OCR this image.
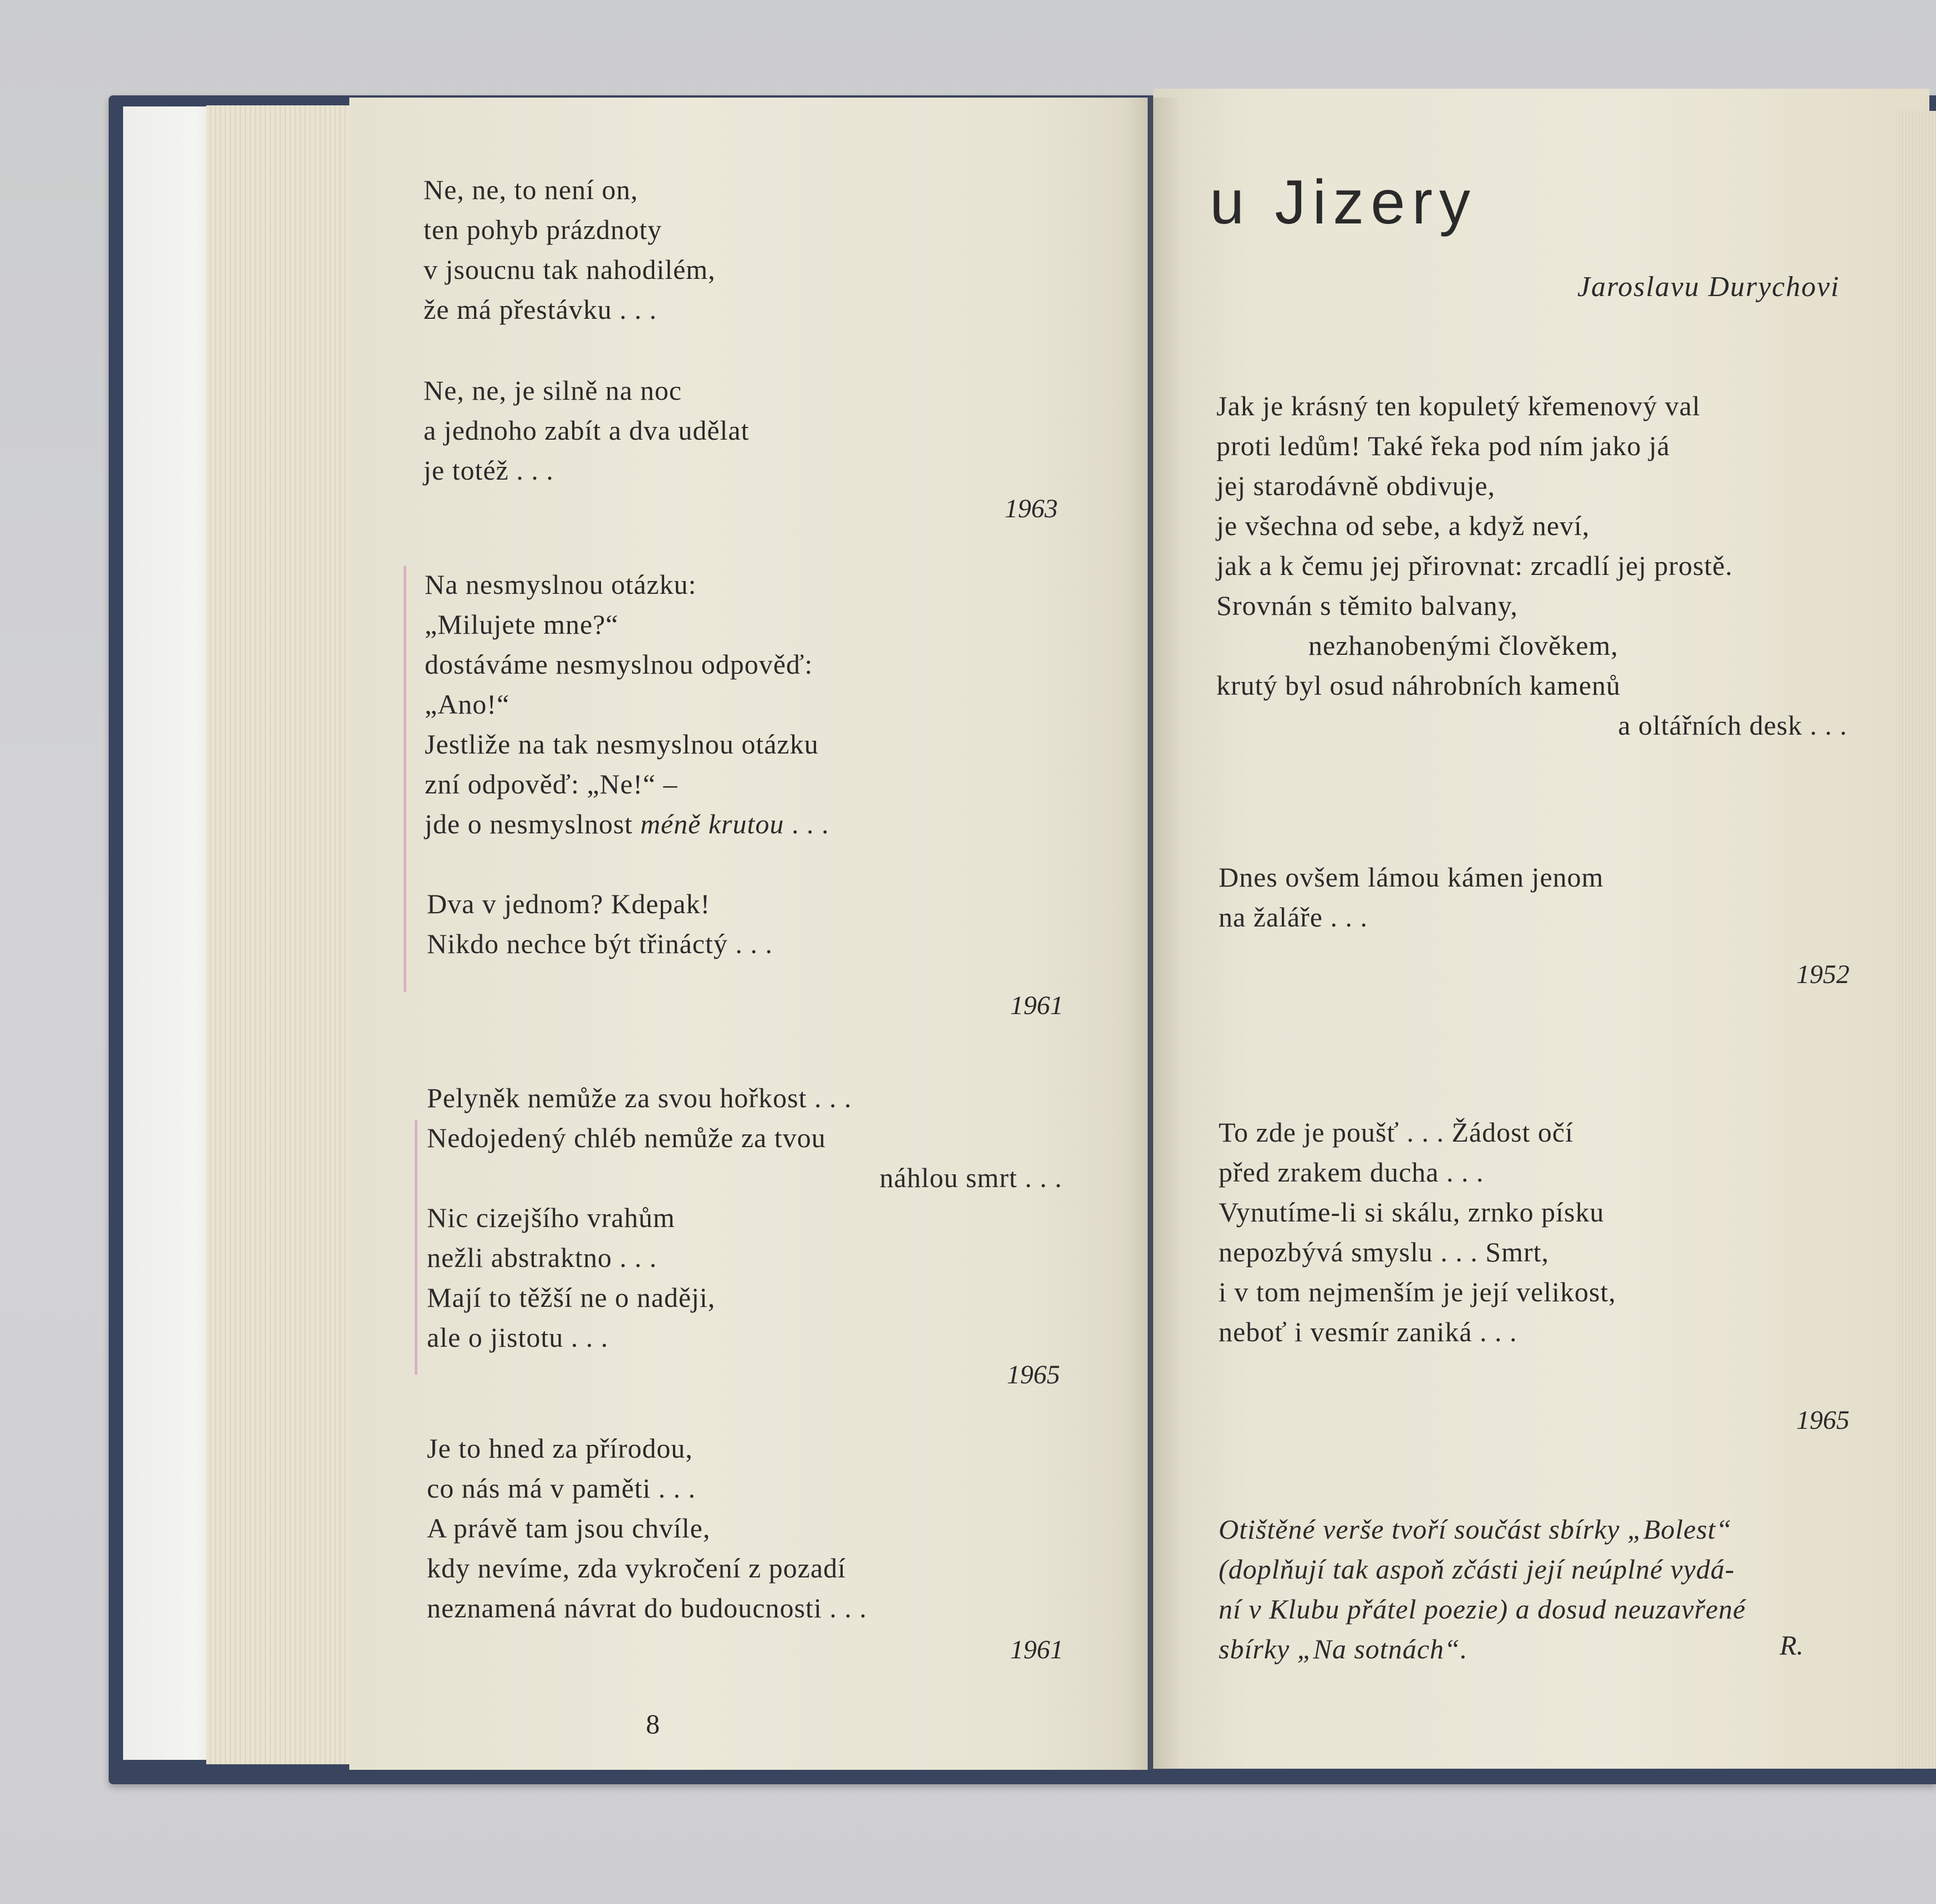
Ne, ne, to není on,
ten pohyb prázdnoty
v jsoucnu tak nahodilém,
že má přestávku . . .
Ne, ne, je silně na noc
a jednoho zabít a dva udělat
je totéž . . .
1963
Na nesmyslnou otázku:
„Milujete mne?“
dostáváme nesmyslnou odpověď:
„Ano!“
Jestliže na tak nesmyslnou otázku
zní odpověď: „Ne!“ –
jde o nesmyslnost méně krutou . . .
Dva v jednom? Kdepak!
Nikdo nechce být třináctý . . .
1961
Pelyněk nemůže za svou hořkost . . .
Nedojedený chléb nemůže za tvou
náhlou smrt . . .
Nic cizejšího vrahům
nežli abstraktno . . .
Mají to těžší ne o naději,
ale o jistotu . . .
1965
Je to hned za přírodou,
co nás má v paměti . . .
A právě tam jsou chvíle,
kdy nevíme, zda vykročení z pozadí
neznamená návrat do budoucnosti . . .
1961
8
u Jizery
Jaroslavu Durychovi
Jak je krásný ten kopuletý křemenový val
proti ledům! Také řeka pod ním jako já
jej starodávně obdivuje,
je všechna od sebe, a když neví,
jak a k čemu jej přirovnat: zrcadlí jej prostě.
Srovnán s těmito balvany,
nezhanobenými člověkem,
krutý byl osud náhrobních kamenů
a oltářních desk . . .
Dnes ovšem lámou kámen jenom
na žaláře . . .
1952
To zde je poušť . . . Žádost očí
před zrakem ducha . . .
Vynutíme-li si skálu, zrnko písku
nepozbývá smyslu . . . Smrt,
i v tom nejmenším je její velikost,
neboť i vesmír zaniká . . .
1965
Otištěné verše tvoří součást sbírky „Bolest“
(doplňují tak aspoň zčásti její neúplné vydá-
ní v Klubu přátel poezie) a dosud neuzavřené
sbírky „Na sotnách“.	R.
